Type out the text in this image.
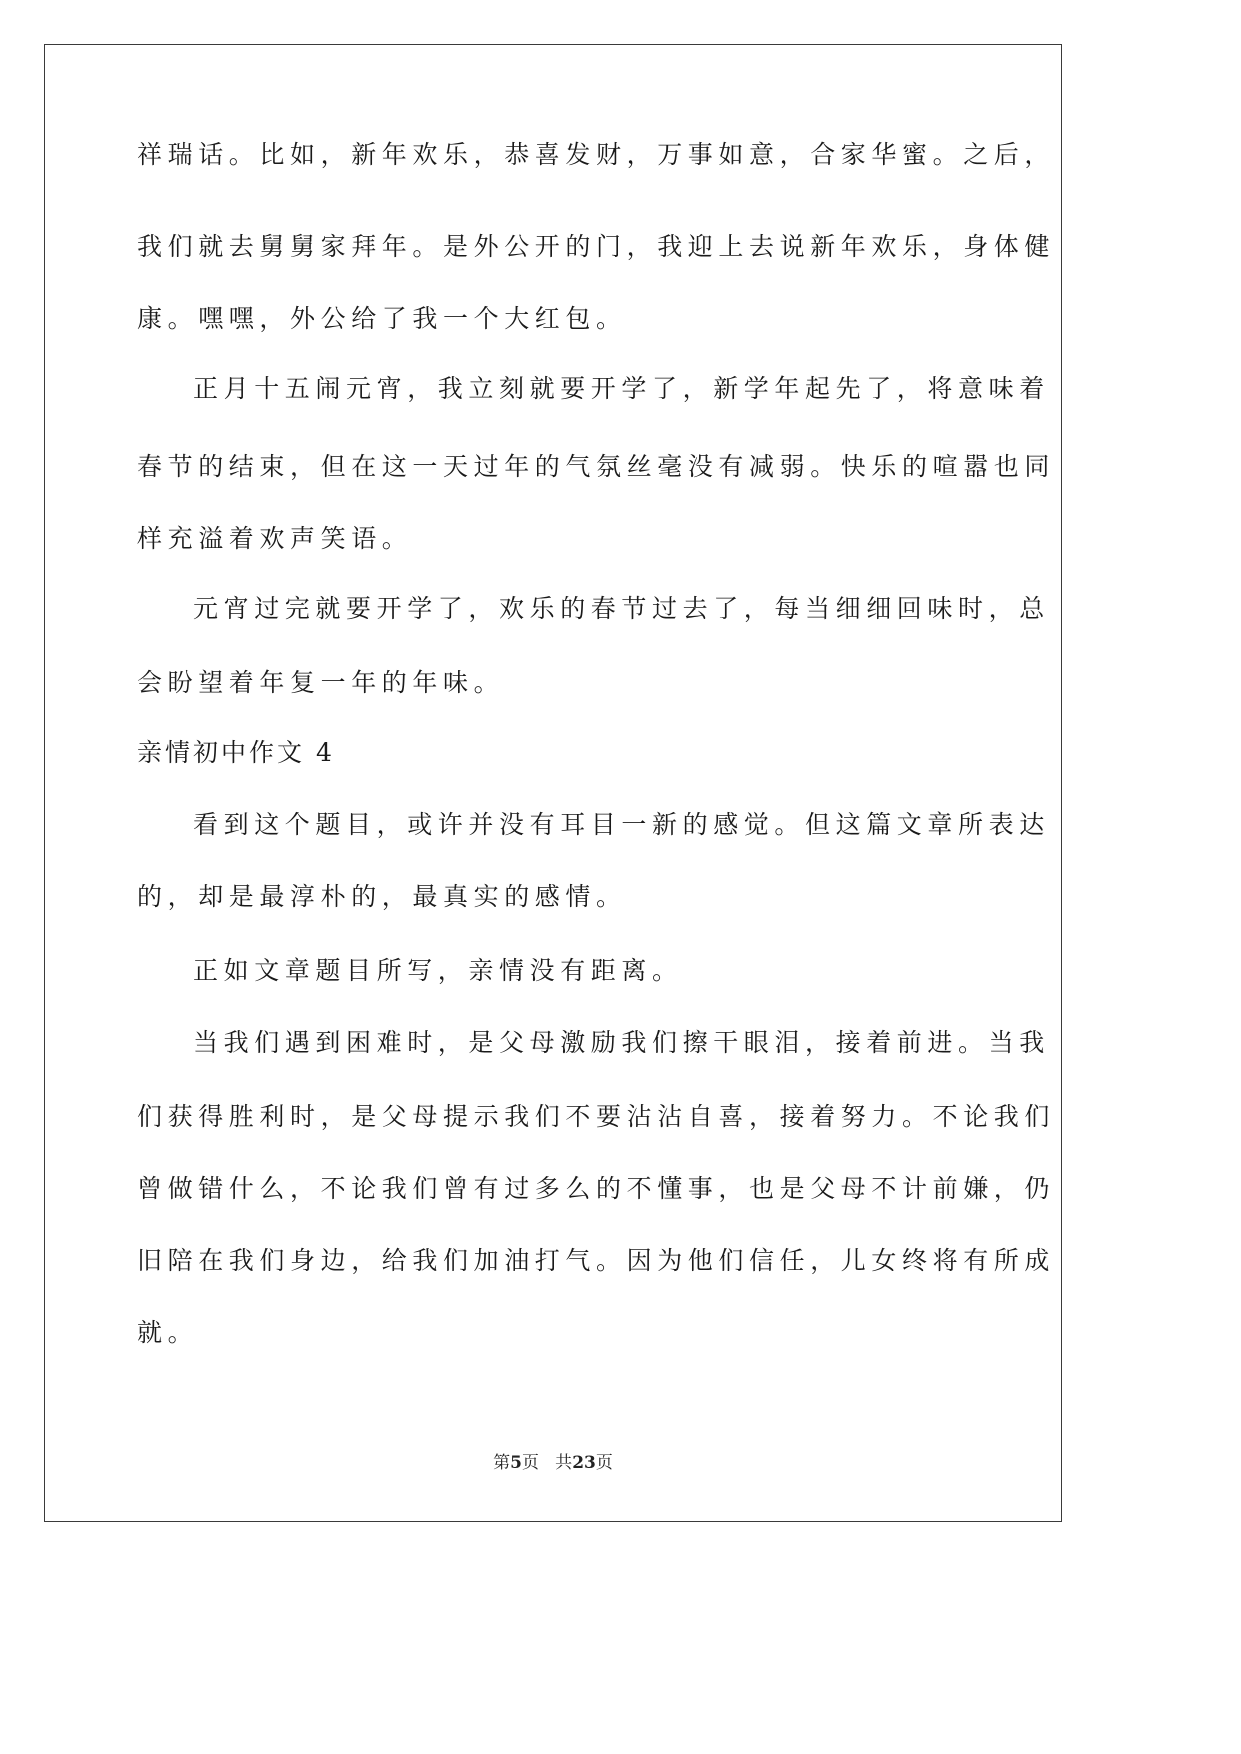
祥瑞话。比如，新年欢乐，恭喜发财，万事如意，合家华蜜。之后，
我们就去舅舅家拜年。是外公开的门，我迎上去说新年欢乐，身体健
康。嘿嘿，外公给了我一个大红包。
正月十五闹元宵，我立刻就要开学了，新学年起先了，将意味着
春节的结束，但在这一天过年的气氛丝毫没有减弱。快乐的喧嚣也同
样充溢着欢声笑语。
元宵过完就要开学了，欢乐的春节过去了，每当细细回味时，总
会盼望着年复一年的年味。
亲情初中作文 4
看到这个题目，或许并没有耳目一新的感觉。但这篇文章所表达
的，却是最淳朴的，最真实的感情。
正如文章题目所写，亲情没有距离。
当我们遇到困难时，是父母激励我们擦干眼泪，接着前进。当我
们获得胜利时，是父母提示我们不要沾沾自喜，接着努力。不论我们
曾做错什么，不论我们曾有过多么的不懂事，也是父母不计前嫌，仍
旧陪在我们身边，给我们加油打气。因为他们信任，儿女终将有所成
就。
第5页   共23页
